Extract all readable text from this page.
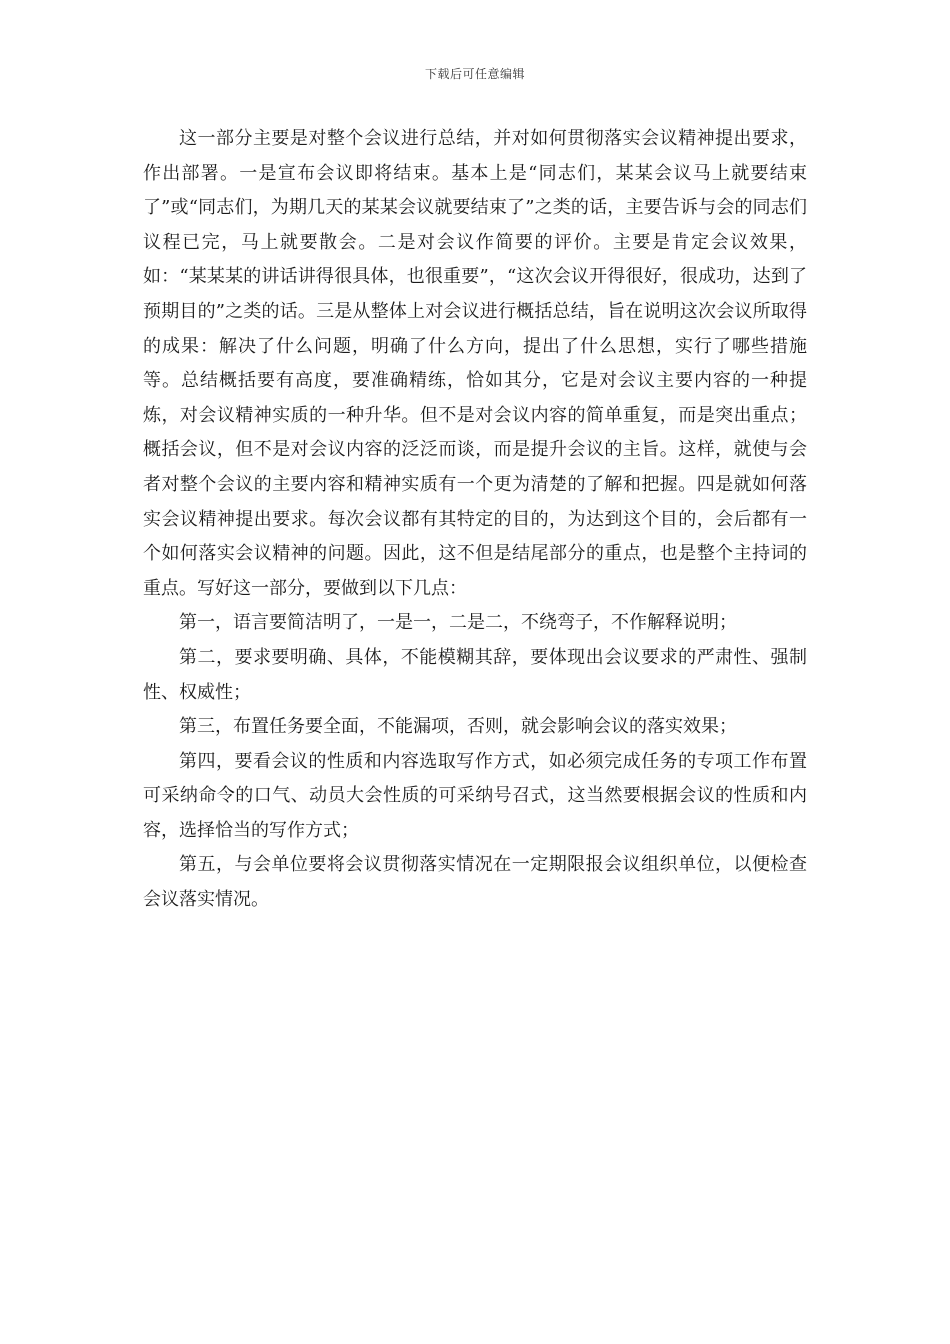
下载后可任意编辑

这一部分主要是对整个会议进行总结，并对如何贯彻落实会议精神提出要求，作出部署。一是宣布会议即将结束。基本上是“同志们，某某会议马上就要结束了”或“同志们，为期几天的某某会议就要结束了”之类的话，主要告诉与会的同志们议程已完，马上就要散会。二是对会议作简要的评价。主要是肯定会议效果，如：“某某某的讲话讲得很具体，也很重要”，“这次会议开得很好，很成功，达到了预期目的”之类的话。三是从整体上对会议进行概括总结，旨在说明这次会议所取得的成果：解决了什么问题，明确了什么方向，提出了什么思想，实行了哪些措施等。总结概括要有高度，要准确精练，恰如其分，它是对会议主要内容的一种提炼，对会议精神实质的一种升华。但不是对会议内容的简单重复，而是突出重点；概括会议，但不是对会议内容的泛泛而谈，而是提升会议的主旨。这样，就使与会者对整个会议的主要内容和精神实质有一个更为清楚的了解和把握。四是就如何落实会议精神提出要求。每次会议都有其特定的目的，为达到这个目的，会后都有一个如何落实会议精神的问题。因此，这不但是结尾部分的重点，也是整个主持词的重点。写好这一部分，要做到以下几点：

第一，语言要简洁明了，一是一，二是二，不绕弯子，不作解释说明；

第二，要求要明确、具体，不能模糊其辞，要体现出会议要求的严肃性、强制性、权威性；

第三，布置任务要全面，不能漏项，否则，就会影响会议的落实效果；

第四，要看会议的性质和内容选取写作方式，如必须完成任务的专项工作布置可采纳命令的口气、动员大会性质的可采纳号召式，这当然要根据会议的性质和内容，选择恰当的写作方式；

第五，与会单位要将会议贯彻落实情况在一定期限报会议组织单位，以便检查会议落实情况。
